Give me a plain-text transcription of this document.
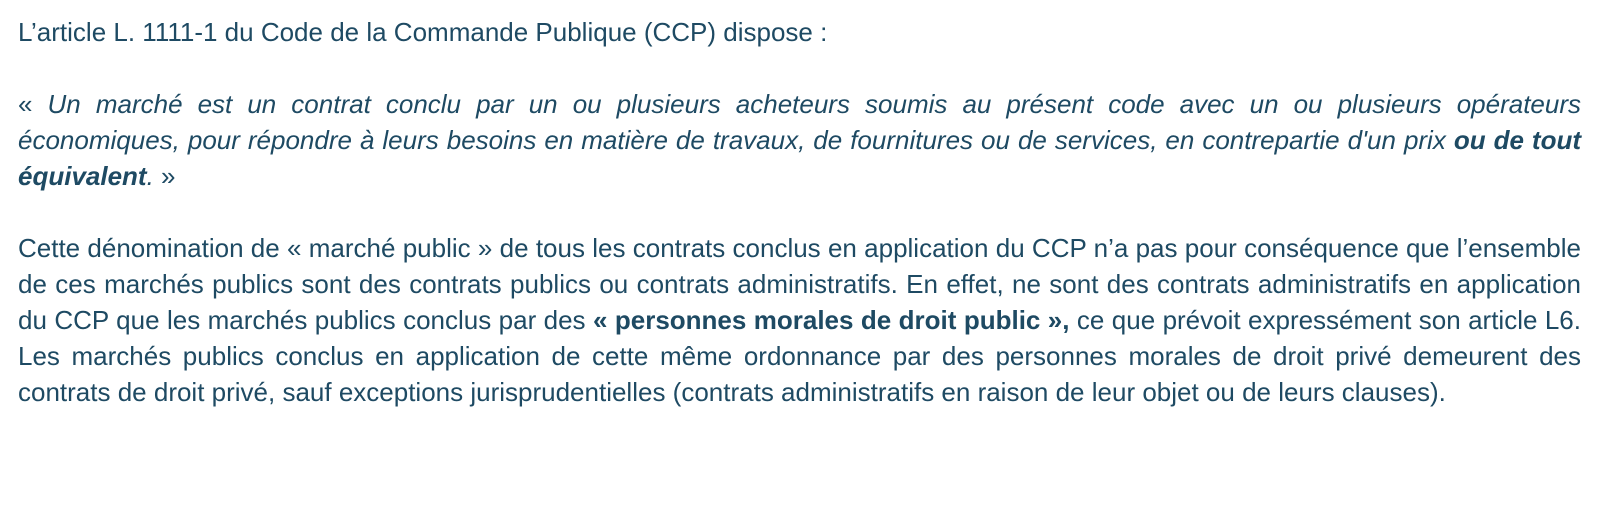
L’article L. 1111-1 du Code de la Commande Publique (CCP) dispose :

« Un marché est un contrat conclu par un ou plusieurs acheteurs soumis au présent code avec un ou plusieurs opérateurs économiques, pour répondre à leurs besoins en matière de travaux, de fournitures ou de services, en contrepartie d'un prix ou de tout équivalent. »

Cette dénomination de « marché public » de tous les contrats conclus en application du CCP n’a pas pour conséquence que l’ensemble de ces marchés publics sont des contrats publics ou contrats administratifs. En effet, ne sont des contrats administratifs en application du CCP que les marchés publics conclus par des « personnes morales de droit public », ce que prévoit expressément son article L6. Les marchés publics conclus en application de cette même ordonnance par des personnes morales de droit privé demeurent des contrats de droit privé, sauf exceptions jurisprudentielles (contrats administratifs en raison de leur objet ou de leurs clauses).
